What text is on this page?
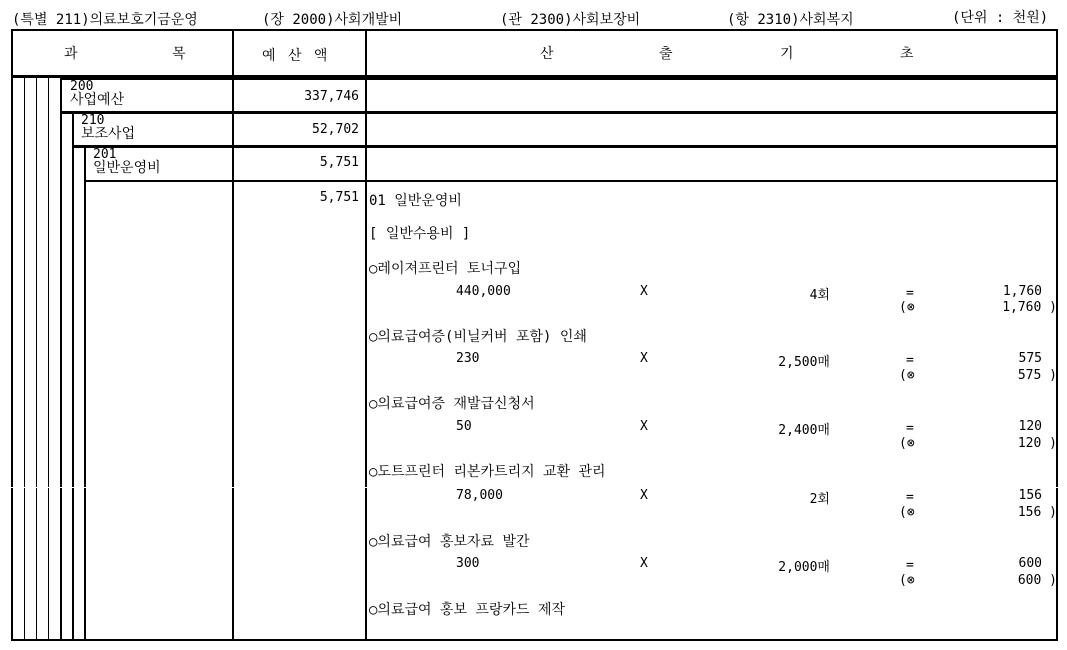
(특별 211)의료보호기금운영	(장 2000)사회개발비	(관 2300)사회보장비	(항 2310)사회복지	(단위 : 천원)
과	목	예 산 액	산	출	기	초
200
사업예산	337,746
210
보조사업	52,702
201
일반운영비	5,751
5,751 01 일반운영비
[ 일반수용비 ]
○레이져프린터 토너구입
440,000	X	4회	=	1,760
(⊗	1,760 )
○의료급여증(비닐커버 포함) 인쇄
230	X	2,500매	=	575
(⊗	575 )
○의료급여증 재발급신청서
50	X	2,400매	=	120
(⊗	120 )
○도트프린터 리본카트리지 교환 관리
78,000	X	2회	=	156
(⊗	156 )
○의료급여 홍보자료 발간
300	X	2,000매	=	600
(⊗	600 )
○의료급여 홍보 프랑카드 제작
